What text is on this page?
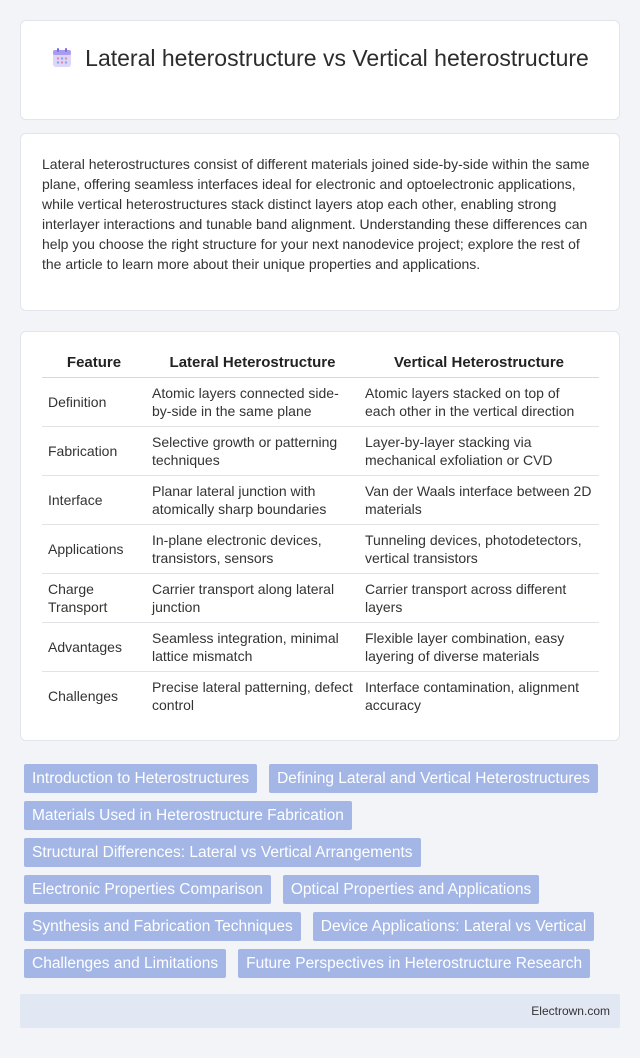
Lateral heterostructure vs Vertical heterostructure

Lateral heterostructures consist of different materials joined side-by-side within the same plane, offering seamless interfaces ideal for electronic and optoelectronic applications, while vertical heterostructures stack distinct layers atop each other, enabling strong interlayer interactions and tunable band alignment. Understanding these differences can help you choose the right structure for your next nanodevice project; explore the rest of the article to learn more about their unique properties and applications.

Feature	Lateral Heterostructure	Vertical Heterostructure
Definition	Atomic layers connected side-by-side in the same plane	Atomic layers stacked on top of each other in the vertical direction
Fabrication	Selective growth or patterning techniques	Layer-by-layer stacking via mechanical exfoliation or CVD
Interface	Planar lateral junction with atomically sharp boundaries	Van der Waals interface between 2D materials
Applications	In-plane electronic devices, transistors, sensors	Tunneling devices, photodetectors, vertical transistors
Charge Transport	Carrier transport along lateral junction	Carrier transport across different layers
Advantages	Seamless integration, minimal lattice mismatch	Flexible layer combination, easy layering of diverse materials
Challenges	Precise lateral patterning, defect control	Interface contamination, alignment accuracy
Introduction to Heterostructures	Defining Lateral and Vertical Heterostructures
Materials Used in Heterostructure Fabrication
Structural Differences: Lateral vs Vertical Arrangements
Electronic Properties Comparison	Optical Properties and Applications
Synthesis and Fabrication Techniques	Device Applications: Lateral vs Vertical
Challenges and Limitations	Future Perspectives in Heterostructure Research
Electrown.com
